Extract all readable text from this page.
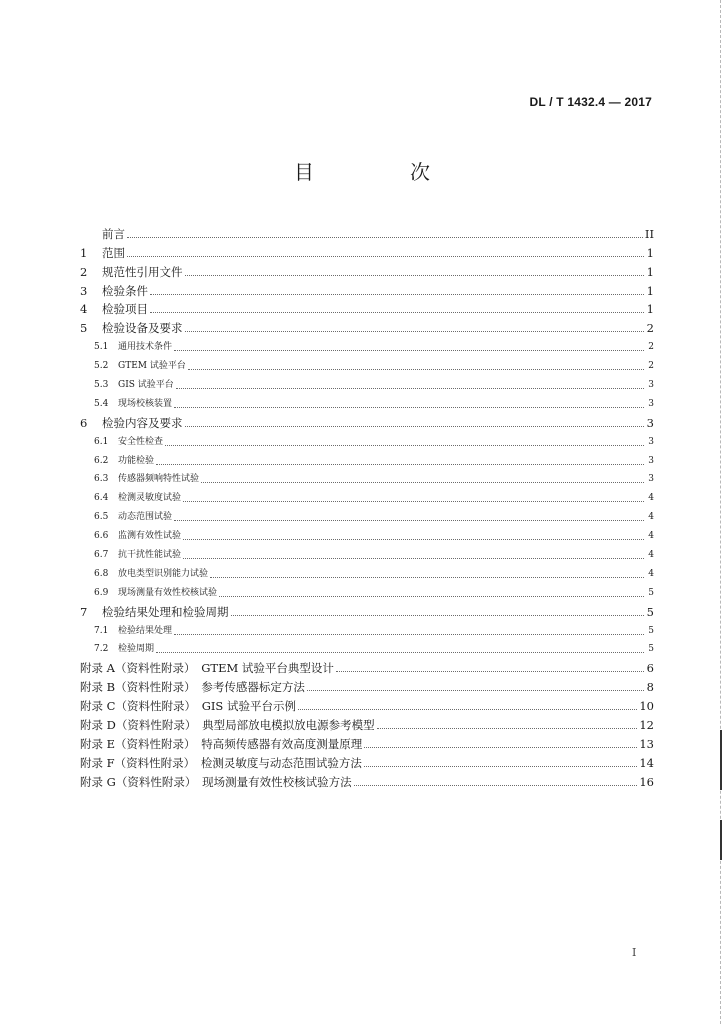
DL / T 1432.4 — 2017
目　次
前言	II
1	范围	1
2	规范性引用文件	1
3	检验条件	1
4	检验项目	1
5	检验设备及要求	2
5.1	通用技术条件	2
5.2	GTEM 试验平台	2
5.3	GIS 试验平台	3
5.4	现场校核装置	3
6	检验内容及要求	3
6.1	安全性检查	3
6.2	功能检验	3
6.3	传感器频响特性试验	3
6.4	检测灵敏度试验	4
6.5	动态范围试验	4
6.6	监测有效性试验	4
6.7	抗干扰性能试验	4
6.8	放电类型识别能力试验	4
6.9	现场测量有效性校核试验	5
7	检验结果处理和检验周期	5
7.1	检验结果处理	5
7.2	检验周期	5
附录 A（资料性附录）　GTEM 试验平台典型设计	6
附录 B（资料性附录）　参考传感器标定方法	8
附录 C（资料性附录）　GIS 试验平台示例	10
附录 D（资料性附录）　典型局部放电模拟放电源参考模型	12
附录 E（资料性附录）　特高频传感器有效高度测量原理	13
附录 F（资料性附录）　检测灵敏度与动态范围试验方法	14
附录 G（资料性附录）　现场测量有效性校核试验方法	16
I
